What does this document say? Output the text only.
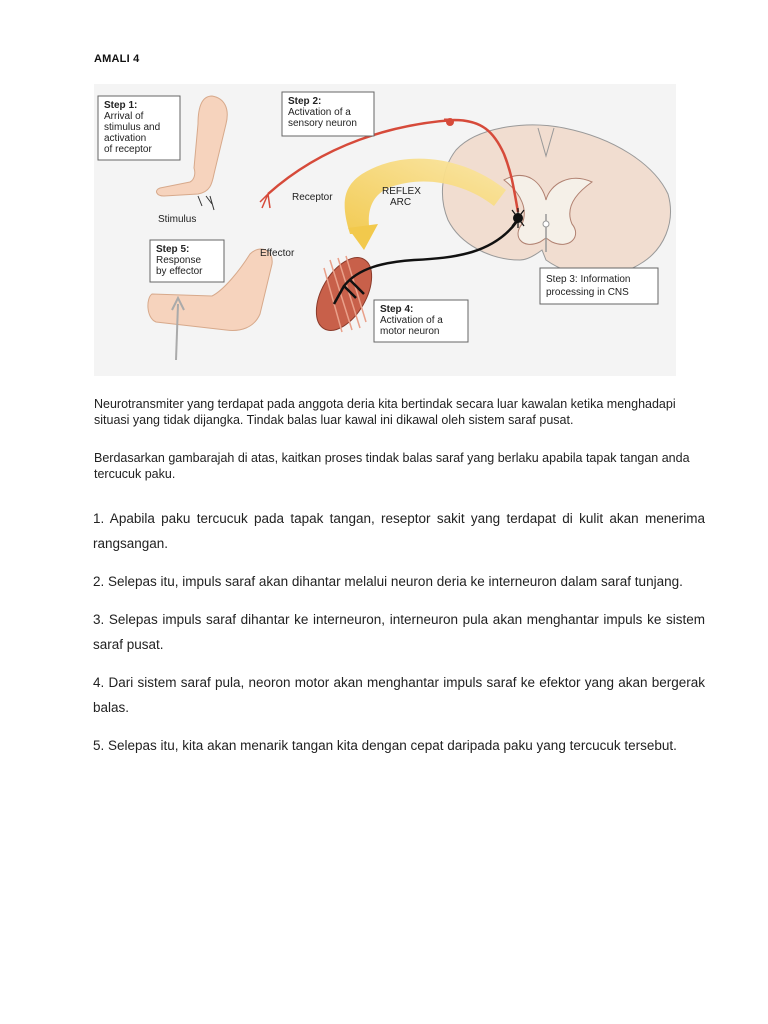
AMALI 4
Step 1:
Arrival of
stimulus and
activation
of receptor
Step 2:
Activation of a
sensory neuron
Step 3: Information
processing in CNS
Step 4:
Activation of a
motor neuron
Step 5:
Response
by effector
Stimulus
Receptor
Effector
REFLEX
ARC

Neurotransmiter yang terdapat pada anggota deria kita bertindak secara luar kawalan ketika menghadapi situasi yang tidak dijangka. Tindak balas luar kawal ini dikawal oleh sistem saraf pusat.

Berdasarkan gambarajah di atas, kaitkan proses tindak balas saraf yang berlaku apabila tapak tangan anda tercucuk paku.

1. Apabila paku tercucuk pada tapak tangan, reseptor sakit yang terdapat di kulit akan menerima rangsangan.

2. Selepas itu, impuls saraf akan dihantar melalui neuron deria ke interneuron dalam saraf tunjang.

3. Selepas impuls saraf dihantar ke interneuron, interneuron pula akan menghantar impuls ke sistem saraf pusat.

4. Dari sistem saraf pula, neoron motor akan menghantar impuls saraf ke efektor yang akan bergerak balas.

5. Selepas itu, kita akan menarik tangan kita dengan cepat daripada paku yang tercucuk tersebut.
